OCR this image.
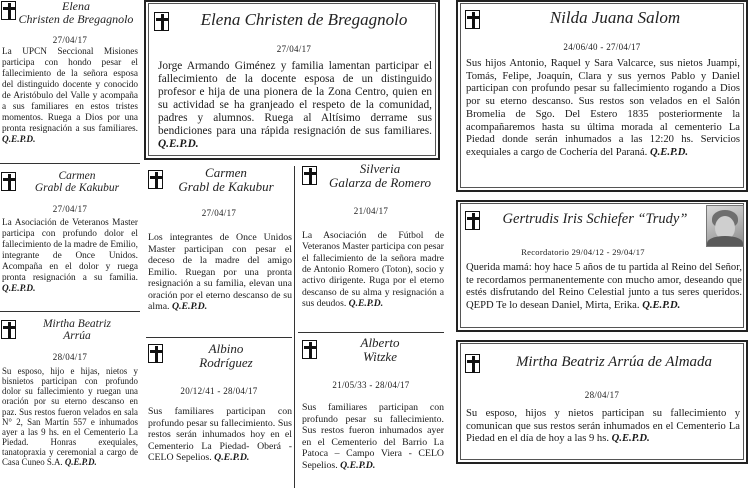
Elena
Christen de Bregagnolo
27/04/17
La UPCN Seccional Misiones participa con hondo pesar el fallecimiento de la señora esposa del distinguido docente y conocido de Aristóbulo del Valle y acompaña a sus familiares en estos tristes momentos. Ruega a Dios por una pronta resignación a sus familiares. Q.E.P.D.
Carmen
Grabl de Kakubur
27/04/17
La Asociación de Veteranos Master participa con profundo dolor el fallecimiento de la madre de Emilio, integrante de Once Unidos. Acompaña en el dolor y ruega pronta resignación a su familia. Q.E.P.D.
Mirtha Beatriz
Arrúa
28/04/17
Su esposo, hijo e hijas, nietos y bisnietos participan con profundo dolor su fallecimiento y ruegan una oración por su eterno descanso en paz. Sus restos fueron velados en sala N° 2, San Martín 557 e inhumados ayer a las 9 hs. en el Cementerio La Piedad. Honras exequiales, tanatopraxia y ceremonial a cargo de Casa Cuneo S.A. Q.E.P.D.
Elena Christen de Bregagnolo
27/04/17
Jorge Armando Giménez y familia lamentan participar el fallecimiento de la docente esposa de un distinguido profesor e hija de una pionera de la Zona Centro, quien en su actividad se ha granjeado el respeto de la comunidad, padres y alumnos. Ruega al Altísimo derrame sus bendiciones para una rápida resignación de sus familiares. Q.E.P.D.
Carmen
Grabl de Kakubur
27/04/17
Los integrantes de Once Unidos Master participan con pesar el deceso de la madre del amigo Emilio. Ruegan por una pronta resignación a su familia, elevan una oración por el eterno descanso de su alma. Q.E.P.D.
Albino
Rodríguez
20/12/41 - 28/04/17
Sus familiares participan con profundo pesar su fallecimiento. Sus restos serán inhumados hoy en el Cementerio La Piedad- Oberá - CELO Sepelios. Q.E.P.D.
Silveria
Galarza de Romero
21/04/17
La Asociación de Fútbol de Veteranos Master participa con pesar el fallecimiento de la señora madre de Antonio Romero (Toton), socio y activo dirigente. Ruga por el eterno descanso de su alma y resignación a sus deudos. Q.E.P.D.
Alberto
Witzke
21/05/33 - 28/04/17
Sus familiares participan con profundo pesar su fallecimiento. Sus restos fueron inhumados ayer en el Cementerio del Barrio La Patoca – Campo Viera - CELO Sepelios. Q.E.P.D.
Nilda Juana Salom
24/06/40 - 27/04/17
Sus hijos Antonio, Raquel y Sara Valcarce, sus nietos Juampi, Tomás, Felipe, Joaquín, Clara y sus yernos Pablo y Daniel participan con profundo pesar su fallecimiento rogando a Dios por su eterno descanso. Sus restos son velados en el Salón Bromelia de Sgo. Del Estero 1835 posteriormente la acompañaremos hasta su última morada al cementerio La Piedad donde serán inhumados a las 12:20 hs. Servicios exequiales a cargo de Cochería del Paraná. Q.E.P.D.
Gertrudis Iris Schiefer “Trudy”
Recordatorio 29/04/12 - 29/04/17
Querida mamá: hoy hace 5 años de tu partida al Reino del Señor, te recordamos permanentemente con mucho amor, deseando que estés disfrutando del Reino Celestial junto a tus seres queridos. QEPD Te lo desean Daniel, Mirta, Erika. Q.E.P.D.
Mirtha Beatriz Arrúa de Almada
28/04/17
Su esposo, hijos y nietos participan su fallecimiento y comunican que sus restos serán inhumados en el Cementerio La Piedad en el día de hoy a las 9 hs. Q.E.P.D.
